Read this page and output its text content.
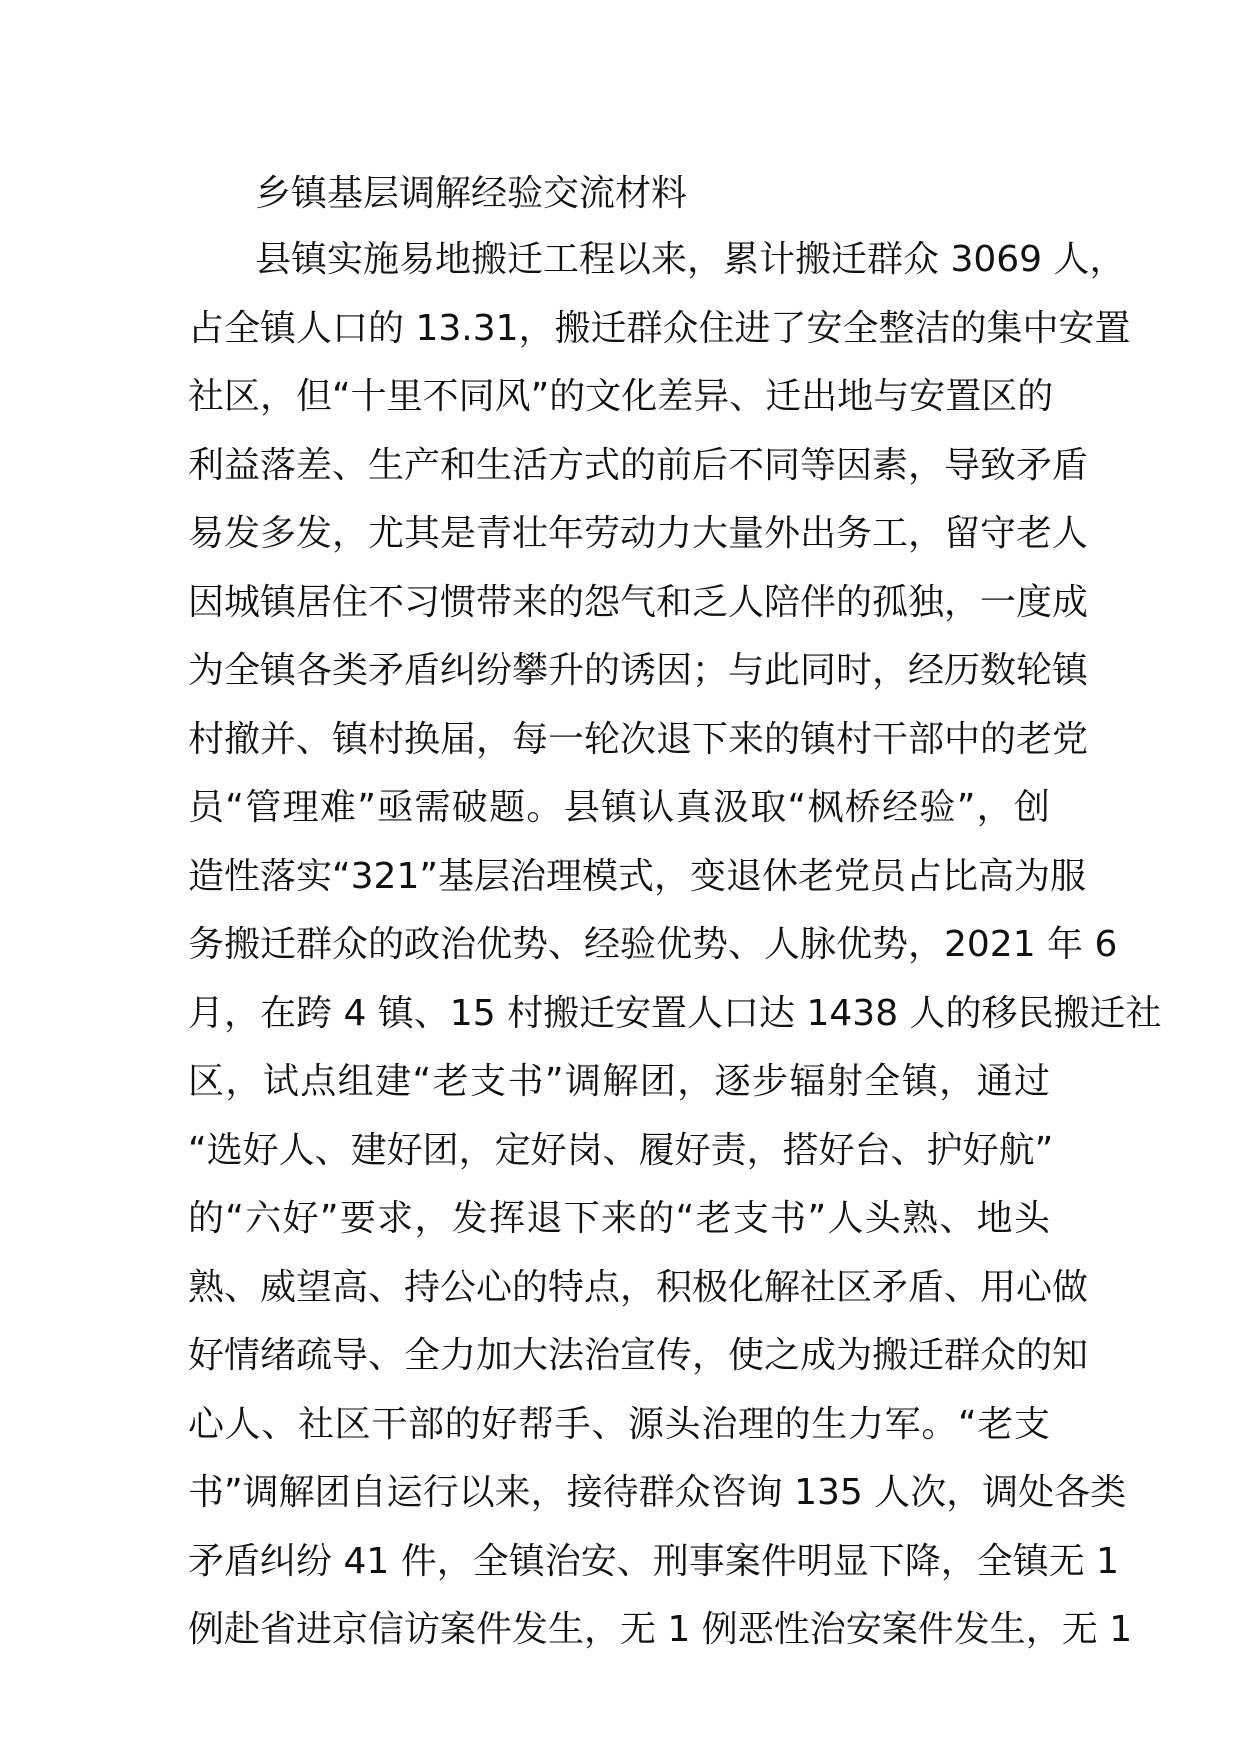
乡镇基层调解经验交流材料
县镇实施易地搬迁工程以来，累计搬迁群众 3069 人，
占全镇人口的 13.31，搬迁群众住进了安全整洁的集中安置
社区，但“十里不同风”的文化差异、迁出地与安置区的
利益落差、生产和生活方式的前后不同等因素，导致矛盾
易发多发，尤其是青壮年劳动力大量外出务工，留守老人
因城镇居住不习惯带来的怨气和乏人陪伴的孤独，一度成
为全镇各类矛盾纠纷攀升的诱因；与此同时，经历数轮镇
村撤并、镇村换届，每一轮次退下来的镇村干部中的老党
员“管理难”亟需破题。县镇认真汲取“枫桥经验”，创
造性落实“321”基层治理模式，变退休老党员占比高为服
务搬迁群众的政治优势、经验优势、人脉优势，2021 年 6
月，在跨 4 镇、15 村搬迁安置人口达 1438 人的移民搬迁社
区，试点组建“老支书”调解团，逐步辐射全镇，通过
“选好人、建好团，定好岗、履好责，搭好台、护好航”
的“六好”要求，发挥退下来的“老支书”人头熟、地头
熟、威望高、持公心的特点，积极化解社区矛盾、用心做
好情绪疏导、全力加大法治宣传，使之成为搬迁群众的知
心人、社区干部的好帮手、源头治理的生力军。“老支
书”调解团自运行以来，接待群众咨询 135 人次，调处各类
矛盾纠纷 41 件，全镇治安、刑事案件明显下降，全镇无 1
例赴省进京信访案件发生，无 1 例恶性治安案件发生，无 1
